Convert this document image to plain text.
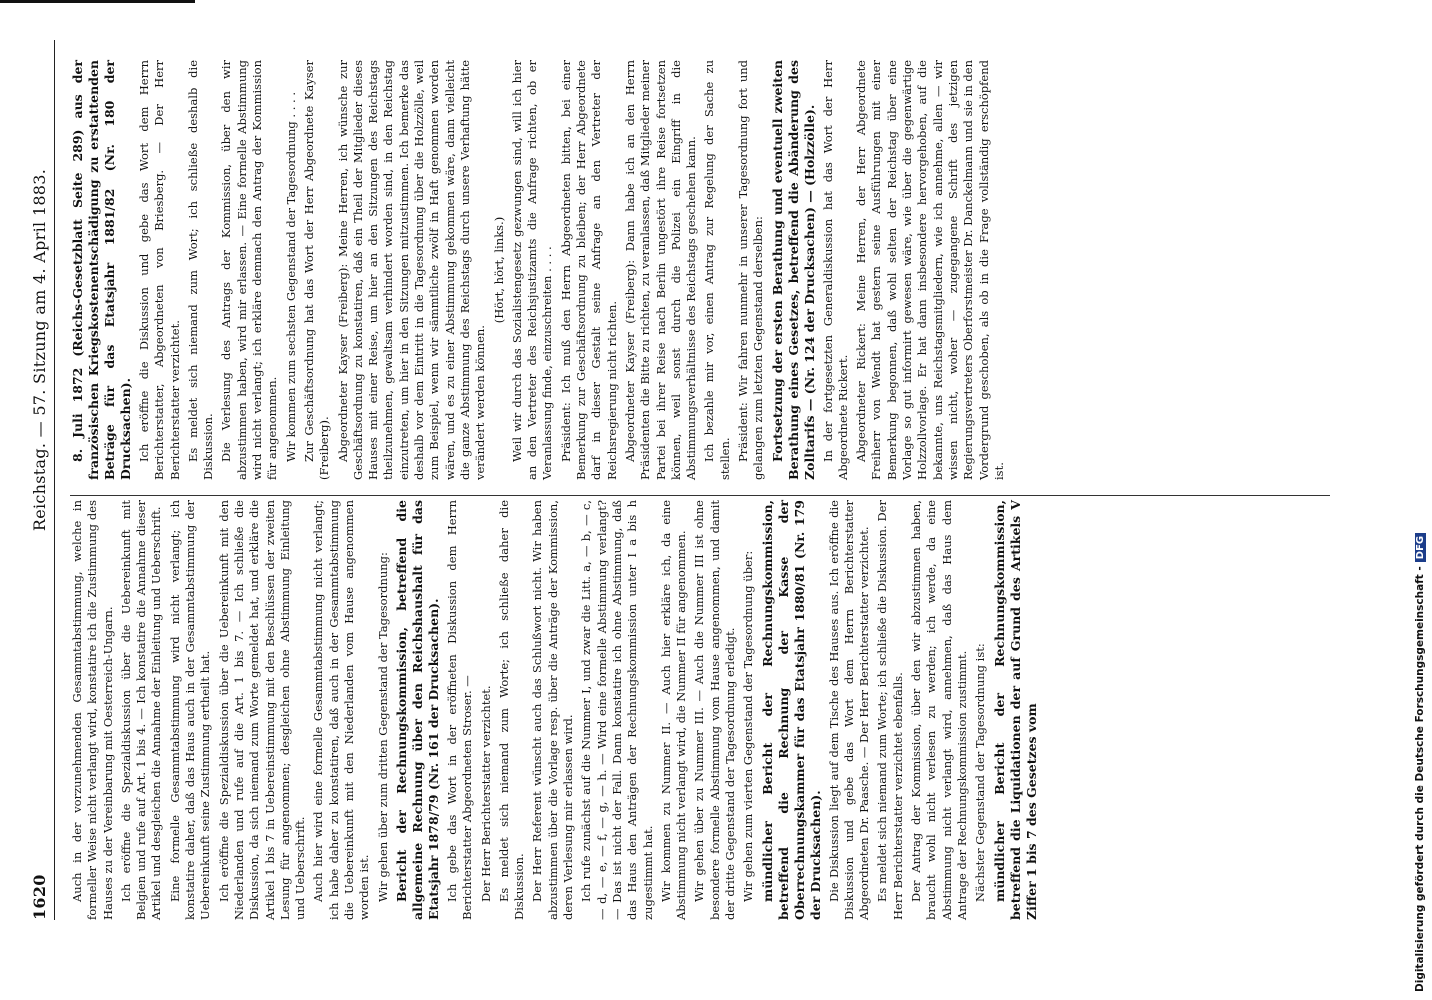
1620
Reichstag. — 57. Sitzung am 4. April 1883.

Auch in der vorzunehmenden Gesammtabstimmung, welche in formeller Weise nicht verlangt wird, konstatire ich die Zustimmung des Hauses zu der Vereinbarung mit Oesterreich-Ungarn. Ich eröffne die Spezialdiskussion über die Uebereinkunft mit Belgien und rufe auf Art. 1 bis 4. — Ich konstatire die Annahme dieser Artikel und desgleichen die Annahme der Einleitung und Ueberschrift. Eine formelle Gesammtabstimmung wird nicht verlangt; ich konstatire daher, daß das Haus auch in der Gesammtabstimmung der Uebereinkunft seine Zustimmung ertheilt hat. Ich eröffne die Spezialdiskussion über die Uebereinkunft mit den Niederlanden und rufe auf die Art. 1 bis 7. — Ich schließe die Diskussion, da sich niemand zum Worte gemeldet hat, und erkläre die Artikel 1 bis 7 in Uebereinstimmung mit den Beschlüssen der zweiten Lesung für angenommen; desgleichen ohne Abstimmung Einleitung und Ueberschrift. Auch hier wird eine formelle Gesammtabstimmung nicht verlangt; ich habe daher zu konstatiren, daß auch in der Gesammtabstimmung die Uebereinkunft mit den Niederlanden vom Hause angenommen worden ist. Wir gehen über zum dritten Gegenstand der Tagesordnung: Bericht der Rechnungskommission, betreffend die allgemeine Rechnung über den Reichshaushalt für das Etatsjahr 1878/79 (Nr. 161 der Drucksachen). Ich gebe das Wort in der eröffneten Diskussion dem Herrn Berichterstatter Abgeordneten Stroser. — Der Herr Berichterstatter verzichtet. Es meldet sich niemand zum Worte; ich schließe daher die Diskussion. Der Herr Referent wünscht auch das Schlußwort nicht. Wir haben abzustimmen über die Vorlage resp. über die Anträge der Kommission, deren Verlesung mir erlassen wird. Ich rufe zunächst auf die Nummer I, und zwar die Litt. a, — b, — c, — d, — e, — f, — g, — h. — Wird eine formelle Abstimmung verlangt? — Das ist nicht der Fall. Dann konstatire ich ohne Abstimmung, daß das Haus den Anträgen der Rechnungskommission unter I a bis h zugestimmt hat. Wir kommen zu Nummer II. — Auch hier erkläre ich, da eine Abstimmung nicht verlangt wird, die Nummer II für angenommen. Wir gehen über zu Nummer III. — Auch die Nummer III ist ohne besondere formelle Abstimmung vom Hause angenommen, und damit der dritte Gegenstand der Tagesordnung erledigt. Wir gehen zum vierten Gegenstand der Tagesordnung über: mündlicher Bericht der Rechnungskommission, betreffend die Rechnung der Kasse der Oberrechnungskammer für das Etatsjahr 1880/81 (Nr. 179 der Drucksachen). Die Diskussion liegt auf dem Tische des Hauses aus. Ich eröffne die Diskussion und gebe das Wort dem Herrn Berichterstatter Abgeordneten Dr. Paasche. — Der Herr Berichterstatter verzichtet. Es meldet sich niemand zum Worte; ich schließe die Diskussion. Der Herr Berichterstatter verzichtet ebenfalls. Der Antrag der Kommission, über den wir abzustimmen haben, braucht wohl nicht verlesen zu werden; ich werde, da eine Abstimmung nicht verlangt wird, annehmen, daß das Haus dem Antrage der Rechnungskommission zustimmt. Nächster Gegenstand der Tagesordnung ist: mündlicher Bericht der Rechnungskommission, betreffend die Liquidationen der auf Grund des Artikels V Ziffer 1 bis 7 des Gesetzes vom

8. Juli 1872 (Reichs-Gesetzblatt Seite 289) aus der französischen Kriegskostenentschädigung zu erstattenden Beträge für das Etatsjahr 1881/82 (Nr. 180 der Drucksachen). Ich eröffne die Diskussion und gebe das Wort dem Herrn Berichterstatter, Abgeordneten von Briesberg. — Der Herr Berichterstatter verzichtet. Es meldet sich niemand zum Wort; ich schließe deshalb die Diskussion. Die Verlesung des Antrags der Kommission, über den wir abzustimmen haben, wird mir erlassen. — Eine formelle Abstimmung wird nicht verlangt; ich erkläre demnach den Antrag der Kommission für angenommen. Wir kommen zum sechsten Gegenstand der Tagesordnung . . . . Zur Geschäftsordnung hat das Wort der Herr Abgeordnete Kayser (Freiberg). Abgeordneter Kayser (Freiberg): Meine Herren, ich wünsche zur Geschäftsordnung zu konstatiren, daß ein Theil der Mitglieder dieses Hauses mit einer Reise, um hier an den Sitzungen des Reichstags theilzunehmen, gewaltsam verhindert worden sind, in den Reichstag einzutreten, um hier in den Sitzungen mitzustimmen. Ich bemerke das deshalb vor dem Eintritt in die Tagesordnung über die Holzzölle, weil zum Beispiel, wenn wir sämmtliche zwölf in Haft genommen worden wären, und es zu einer Abstimmung gekommen wäre, dann vielleicht die ganze Abstimmung des Reichstags durch unsere Verhaftung hätte verändert werden können.

(Hört, hört, links.) Weil wir durch das Sozialistengesetz gezwungen sind, will ich hier an den Vertreter des Reichsjustizamts die Anfrage richten, ob er Veranlassung finde, einzuschreiten . . . . Präsident: Ich muß den Herrn Abgeordneten bitten, bei einer Bemerkung zur Geschäftsordnung zu bleiben; der Herr Abgeordnete darf in dieser Gestalt seine Anfrage an den Vertreter der Reichsregierung nicht richten. Abgeordneter Kayser (Freiberg): Dann habe ich an den Herrn Präsidenten die Bitte zu richten, zu veranlassen, daß Mitglieder meiner Partei bei ihrer Reise nach Berlin ungestört ihre Reise fortsetzen können, weil sonst durch die Polizei ein Eingriff in die Abstimmungsverhältnisse des Reichstags geschehen kann. Ich bezahle mir vor, einen Antrag zur Regelung der Sache zu stellen. Präsident: Wir fahren nunmehr in unserer Tagesordnung fort und gelangen zum letzten Gegenstand derselben: Fortsetzung der ersten Berathung und eventuell zweiten Berathung eines Gesetzes, betreffend die Abänderung des Zolltarifs — (Nr. 124 der Drucksachen) — (Holzzölle). In der fortgesetzten Generaldiskussion hat das Wort der Herr Abgeordnete Rickert. Abgeordneter Rickert: Meine Herren, der Herr Abgeordnete Freiherr von Wendt hat gestern seine Ausführungen mit einer Bemerkung begonnen, daß wohl selten der Reichstag über eine Vorlage so gut informirt gewesen wäre, wie über die gegenwärtige Holzzollvorlage. Er hat dann insbesondere hervorgehoben, auf die bekannte, uns Reichstagsmitgliedern, wie ich annehme, allen — wir wissen nicht, woher — zugegangene Schrift des jetzigen Regierungsvertreters Oberforstmeister Dr. Danckelmann und sie in den Vordergrund geschoben, als ob in die Frage vollständig erschöpfend ist.

Digitalisierung gefördert durch die Deutsche Forschungsgemeinschaft -DFG
